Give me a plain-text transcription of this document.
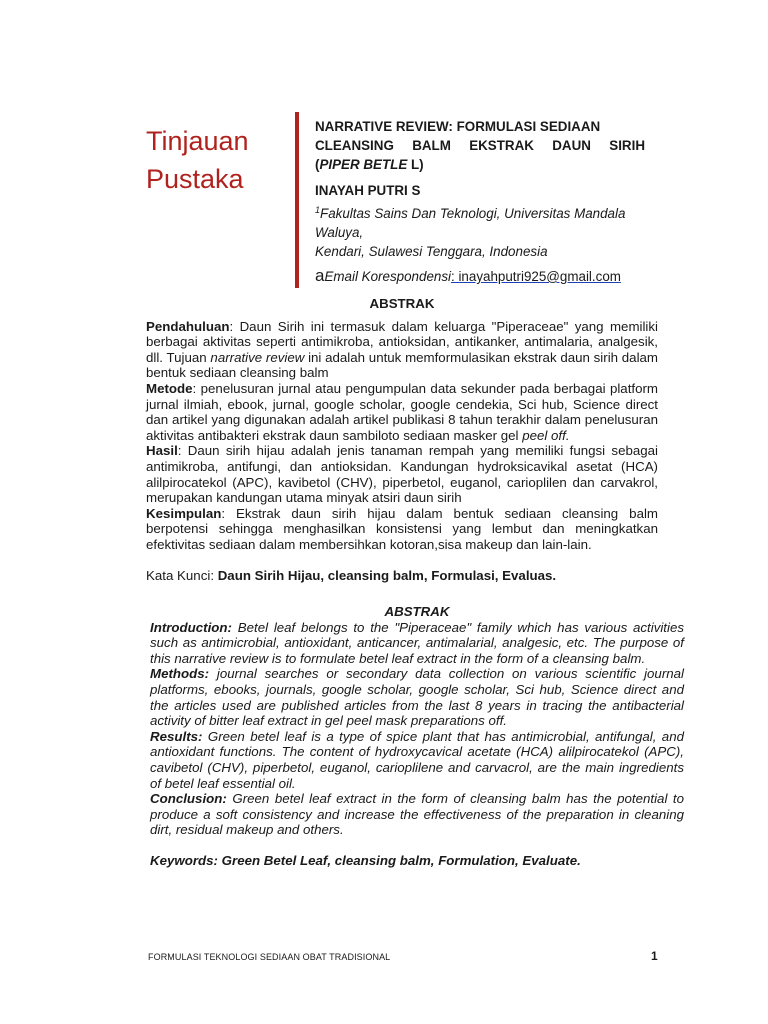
Tinjauan
Pustaka
NARRATIVE REVIEW: FORMULASI SEDIAAN
CLEANSING BALM EKSTRAK DAUN SIRIH
(PIPER BETLE L)
INAYAH PUTRI S
$^1$Fakultas Sains Dan Teknologi, Universitas Mandala Waluya,
Kendari, Sulawesi Tenggara, Indonesia
aEmail Korespondensi: inayahputri925@gmail.com
ABSTRAK

Pendahuluan: Daun Sirih ini termasuk dalam keluarga "Piperaceae" yang memiliki berbagai aktivitas seperti antimikroba, antioksidan, antikanker, antimalaria, analgesik, dll. Tujuan narrative review ini adalah untuk memformulasikan ekstrak daun sirih dalam bentuk sediaan cleansing balm

Metode: penelusuran jurnal atau pengumpulan data sekunder pada berbagai platform jurnal ilmiah, ebook, jurnal, google scholar, google cendekia, Sci hub, Science direct dan artikel yang digunakan adalah artikel publikasi 8 tahun terakhir dalam penelusuran aktivitas antibakteri ekstrak daun sambiloto sediaan masker gel peel off.

Hasil: Daun sirih hijau adalah jenis tanaman rempah yang memiliki fungsi sebagai antimikroba, antifungi, dan antioksidan. Kandungan hydroksicavikal asetat (HCA) alilpirocatekol (APC), kavibetol (CHV), piperbetol, euganol, carioplilen dan carvakrol, merupakan kandungan utama minyak atsiri daun sirih

Kesimpulan: Ekstrak daun sirih hijau dalam bentuk sediaan cleansing balm berpotensi sehingga menghasilkan konsistensi yang lembut dan meningkatkan efektivitas sediaan dalam membersihkan kotoran,sisa makeup dan lain-lain.

Kata Kunci: Daun Sirih Hijau, cleansing balm, Formulasi, Evaluas.
ABSTRAK

Introduction: Betel leaf belongs to the "Piperaceae" family which has various activities such as antimicrobial, antioxidant, anticancer, antimalarial, analgesic, etc. The purpose of this narrative review is to formulate betel leaf extract in the form of a cleansing balm.

Methods: journal searches or secondary data collection on various scientific journal platforms, ebooks, journals, google scholar, google scholar, Sci hub, Science direct and the articles used are published articles from the last 8 years in tracing the antibacterial activity of bitter leaf extract in gel peel mask preparations off.

Results: Green betel leaf is a type of spice plant that has antimicrobial, antifungal, and antioxidant functions. The content of hydroxycavical acetate (HCA) alilpirocatekol (APC), cavibetol (CHV), piperbetol, euganol, carioplilene and carvacrol, are the main ingredients of betel leaf essential oil.

Conclusion: Green betel leaf extract in the form of cleansing balm has the potential to produce a soft consistency and increase the effectiveness of the preparation in cleaning dirt, residual makeup and others.

Keywords: Green Betel Leaf, cleansing balm, Formulation, Evaluate.
FORMULASI TEKNOLOGI SEDIAAN OBAT TRADISIONAL	1
